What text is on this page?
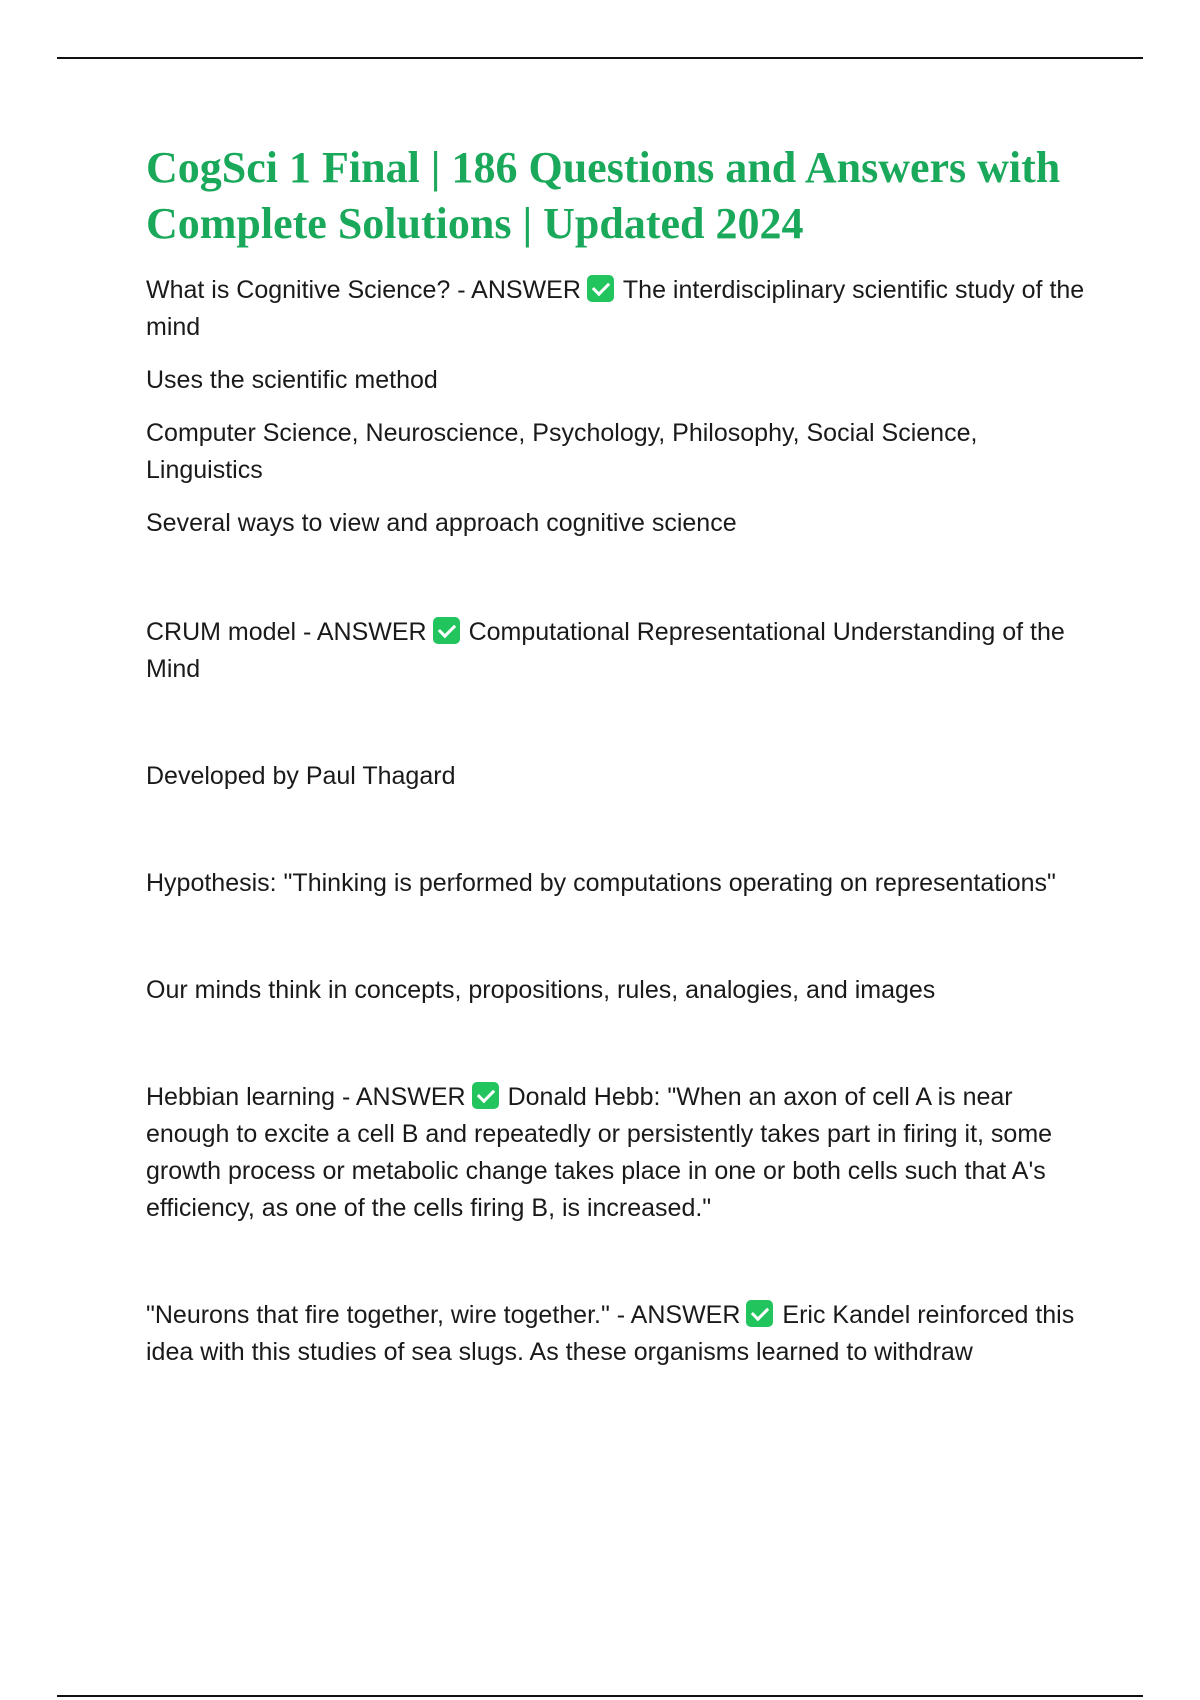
CogSci 1 Final | 186 Questions and Answers with Complete Solutions | Updated 2024

What is Cognitive Science? - ANSWER The interdisciplinary scientific study of the mind

Uses the scientific method

Computer Science, Neuroscience, Psychology, Philosophy, Social Science, Linguistics

Several ways to view and approach cognitive science

CRUM model - ANSWER Computational Representational Understanding of the Mind

Developed by Paul Thagard

Hypothesis: "Thinking is performed by computations operating on representations"

Our minds think in concepts, propositions, rules, analogies, and images

Hebbian learning - ANSWER Donald Hebb: "When an axon of cell A is near enough to excite a cell B and repeatedly or persistently takes part in firing it, some growth process or metabolic change takes place in one or both cells such that A's efficiency, as one of the cells firing B, is increased."

"Neurons that fire together, wire together." - ANSWER Eric Kandel reinforced this idea with this studies of sea slugs. As these organisms learned to withdraw
